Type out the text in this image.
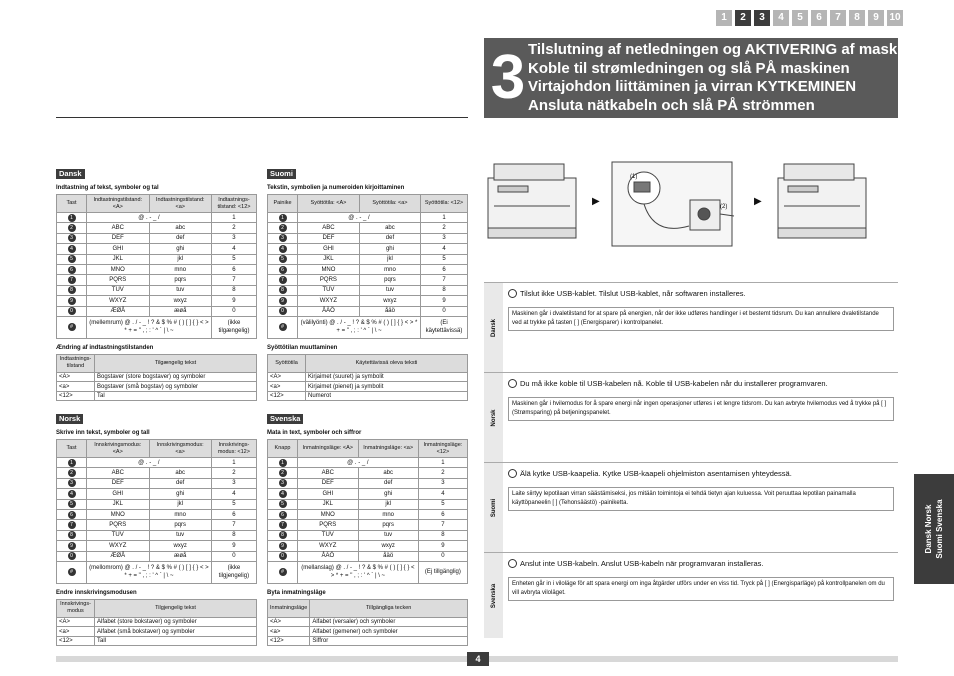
1	2	3	4	5	6	7	8	9	10
3 Tilslutning af netledningen og AKTIVERING af maskinen
Koble til strømledningen og slå PÅ maskinen
Virtajohdon liittäminen ja virran KYTKEMINEN
Ansluta nätkabeln och slå PÅ strömmen
Dansk
Indtastning af tekst, symboler og tal
Tast	Indtastningstilstand: <A>	Indtastningstilstand: <a>	Indtastnings-tilstand: <12>
1	@ . - _ /		1
2	ABC	abc	2
3	DEF	def	3
4	GHI	ghi	4
5	JKL	jkl	5
6	MNO	mno	6
7	PQRS	pqrs	7
8	TUV	tuv	8
9	WXYZ	wxyz	9
0	ÆØÅ	æøå	0
#	(mellemrum) @ . / - _ ! ? & $ % # ( ) [ ] { } < > * + = " , ; : ' ^ ` | \ ~		(ikke tilgængelig)
Ændring af indtastningstilstanden
Indtastnings-tilstand	Tilgængelig tekst
<A>	Bogstaver (store bogstaver) og symboler
<a>	Bogstaver (små bogstav) og symboler
<12>	Tal
Suomi
Tekstin, symbolien ja numeroiden kirjoittaminen
Painike	Syöttötila: <A>	Syöttötila: <a>	Syöttötila: <12>
1	@ . - _ /		1
2	ABC	abc	2
3	DEF	def	3
4	GHI	ghi	4
5	JKL	jkl	5
6	MNO	mno	6
7	PQRS	pqrs	7
8	TUV	tuv	8
9	WXYZ	wxyz	9
0	ÅÄÖ	åäö	0
#	(välilyönti) @ . / - _ ! ? & $ % # ( ) [ ] { } < > * + = " , ; : ' ^ ` | \ ~		(Ei käytettävissä)
Syöttötilan muuttaminen
Syöttötila	Käytettävissä oleva teksti
<A>	Kirjaimet (suuret) ja symbolit
<a>	Kirjaimet (pienet) ja symbolit
<12>	Numerot
Norsk
Skrive inn tekst, symboler og tall
Tast	Innskrivingsmodus: <A>	Innskrivingsmodus: <a>	Innskrivings-modus: <12>
1	@ . - _ /		1
2	ABC	abc	2
3	DEF	def	3
4	GHI	ghi	4
5	JKL	jkl	5
6	MNO	mno	6
7	PQRS	pqrs	7
8	TUV	tuv	8
9	WXYZ	wxyz	9
0	ÆØÅ	æøå	0
#	(mellomrom) @ . / - _ ! ? & $ % # ( ) [ ] { } < > * + = " , ; : ' ^ ` | \ ~		(ikke tilgjengelig)
Endre innskrivingsmodusen
Innskrivings-modus	Tilgjengelig tekst
<A>	Alfabet (store bokstaver) og symboler
<a>	Alfabet (små bokstaver) og symboler
<12>	Tall
Svenska
Mata in text, symboler och siffror
Knapp	Inmatningsläge: <A>	Inmatningsläge: <a>	Inmatningsläge: <12>
1	@ . - _ /		1
2	ABC	abc	2
3	DEF	def	3
4	GHI	ghi	4
5	JKL	jkl	5
6	MNO	mno	6
7	PQRS	pqrs	7
8	TUV	tuv	8
9	WXYZ	wxyz	9
0	ÅÄÖ	åäö	0
#	(mellanslag) @ . / - _ ! ? & $ % # ( ) [ ] { } < > * + = " , ; : ' ^ ` | \ ~		(Ej tillgänglig)
Byta inmatningsläge
Inmatningsläge	Tillgängliga tecken
<A>	Alfabet (versaler) och symboler
<a>	Alfabet (gemener) och symboler
<12>	Siffror
▶
(1)
(2)	▶
Dansk
Tilslut ikke USB-kablet. Tilslut USB-kablet, når softwaren installeres.
Maskinen går i dvaletilstand for at spare på energien, når der ikke udføres handlinger i et bestemt tidsrum. Du kan annullere dvaletilstande ved at trykke på tasten [ ] (Energisparer) i kontrolpanelet.
Norsk
Du må ikke koble til USB-kabelen nå. Koble til USB-kabelen når du installerer programvaren.
Maskinen går i hvilemodus for å spare energi når ingen operasjoner utføres i et lengre tidsrom. Du kan avbryte hvilemodus ved å trykke på [ ] (Strømsparing) på betjeningspanelet.
Suomi
Älä kytke USB-kaapelia. Kytke USB-kaapeli ohjelmiston asentamisen yhteydessä.
Laite siirtyy lepotilaan virran säästämiseksi, jos mitään toimintoja ei tehdä tietyn ajan kuluessa. Voit peruuttaa lepotilan painamalla käyttöpaneelin [ ] (Tehonsäästö) -painiketta.
Svenska
Anslut inte USB-kabeln. Anslut USB-kabeln när programvaran installeras.
Enheten går in i viloläge för att spara energi om inga åtgärder utförs under en viss tid. Tryck på [ ] (Energisparläge) på kontrollpanelen om du vill avbryta viloläget.
Dansk Norsk Suomi Svenska
4
